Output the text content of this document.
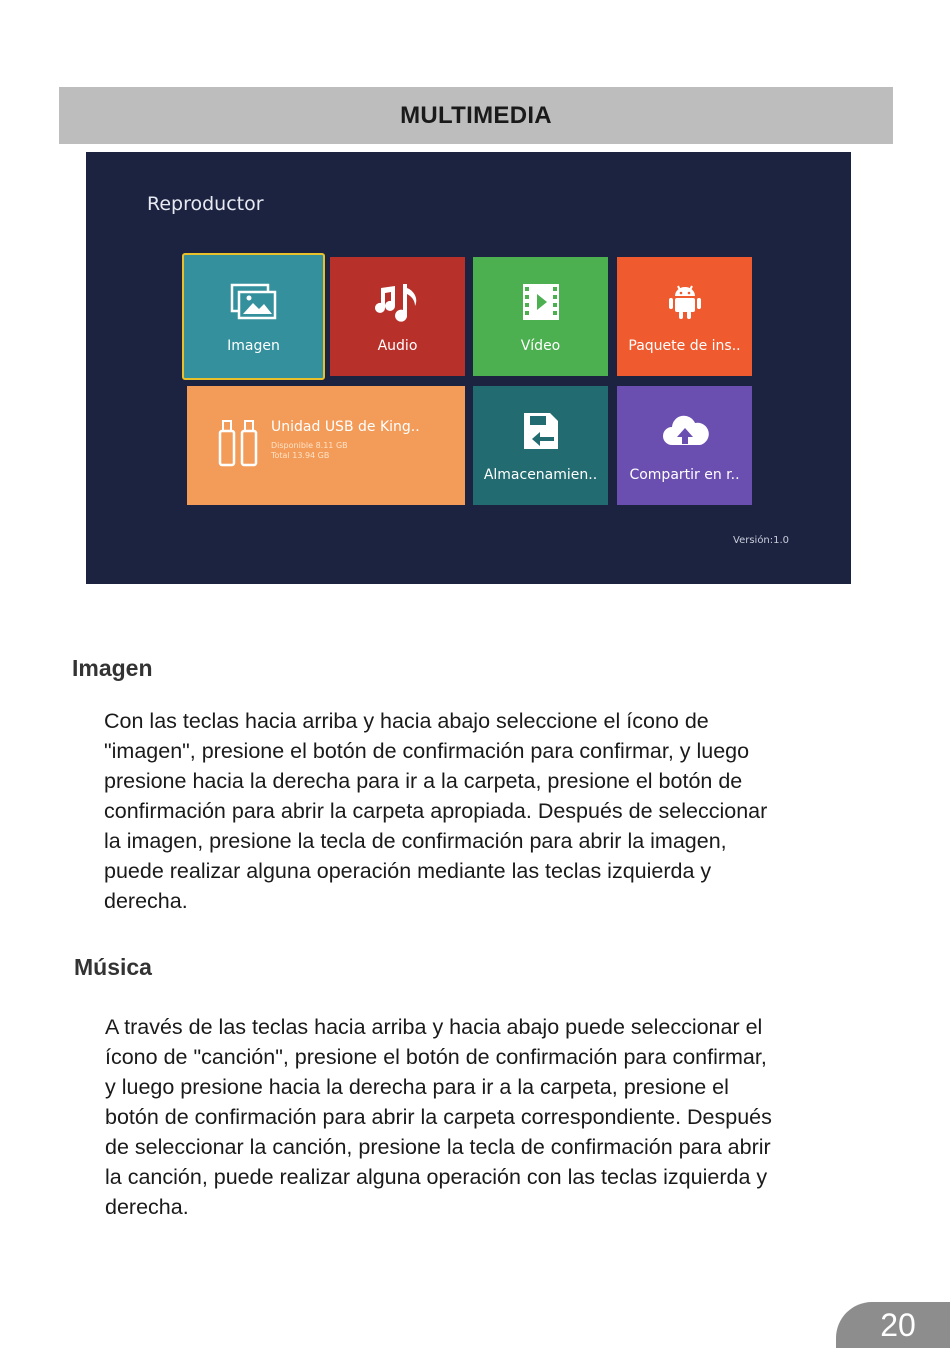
MULTIMEDIA
Reproductor
Imagen	Audio	Vídeo	Paquete de ins..
Unidad USB de King..
Disponible 8.11 GB
Total 13.94 GB
Almacenamien.. Compartir en r..
Versión:1.0
Imagen
Con las teclas hacia arriba y hacia abajo seleccione el ícono de
"imagen", presione el botón de confirmación para confirmar, y luego
presione hacia la derecha para ir a la carpeta, presione el botón de
confirmación para abrir la carpeta apropiada. Después de seleccionar
la imagen, presione la tecla de confirmación para abrir la imagen,
puede realizar alguna operación mediante las teclas izquierda y
derecha.
Música
A través de las teclas hacia arriba y hacia abajo puede seleccionar el
ícono de "canción", presione el botón de confirmación para confirmar,
y luego presione hacia la derecha para ir a la carpeta, presione el
botón de confirmación para abrir la carpeta correspondiente. Después
de seleccionar la canción, presione la tecla de confirmación para abrir
la canción, puede realizar alguna operación con las teclas izquierda y
derecha.
20
